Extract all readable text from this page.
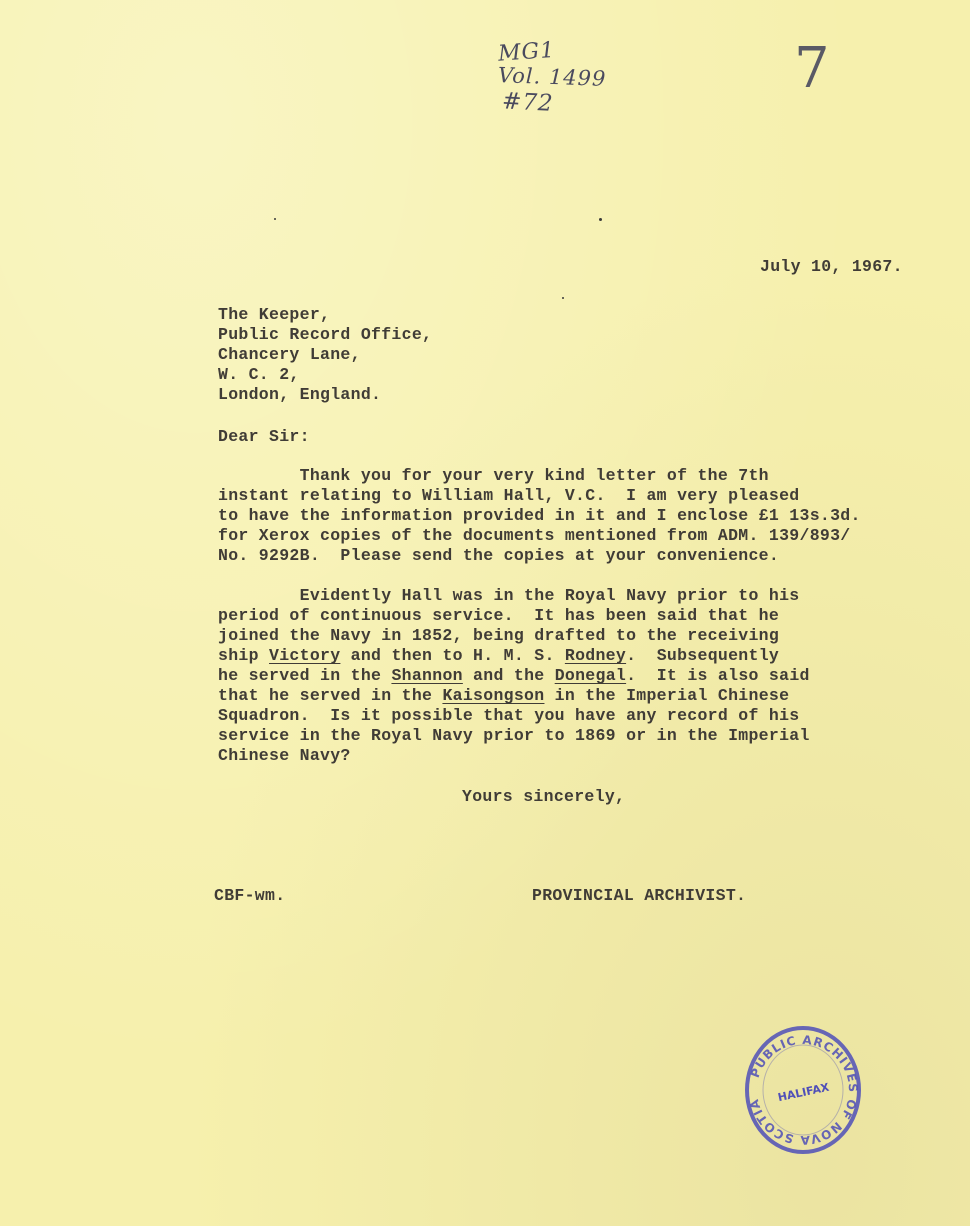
MG1
Vol. 1499
#72
7
July 10, 1967.
The Keeper,
Public Record Office,
Chancery Lane,
W. C. 2,
London, England.
Dear Sir:
Thank you for your very kind letter of the 7th
instant relating to William Hall, V.C.  I am very pleased
to have the information provided in it and I enclose £1 13s.3d.
for Xerox copies of the documents mentioned from ADM. 139/893/
No. 9292B.  Please send the copies at your convenience.
Evidently Hall was in the Royal Navy prior to his
period of continuous service.  It has been said that he
joined the Navy in 1852, being drafted to the receiving
ship Victory and then to H. M. S. Rodney.  Subsequently
he served in the Shannon and the Donegal.  It is also said
that he served in the Kaisongson in the Imperial Chinese
Squadron.  Is it possible that you have any record of his
service in the Royal Navy prior to 1869 or in the Imperial
Chinese Navy?
Yours sincerely,
CBF-wm.	PROVINCIAL ARCHIVIST.
PUBLIC ARCHIVES OF NOVA SCOTIA	HALIFAX
